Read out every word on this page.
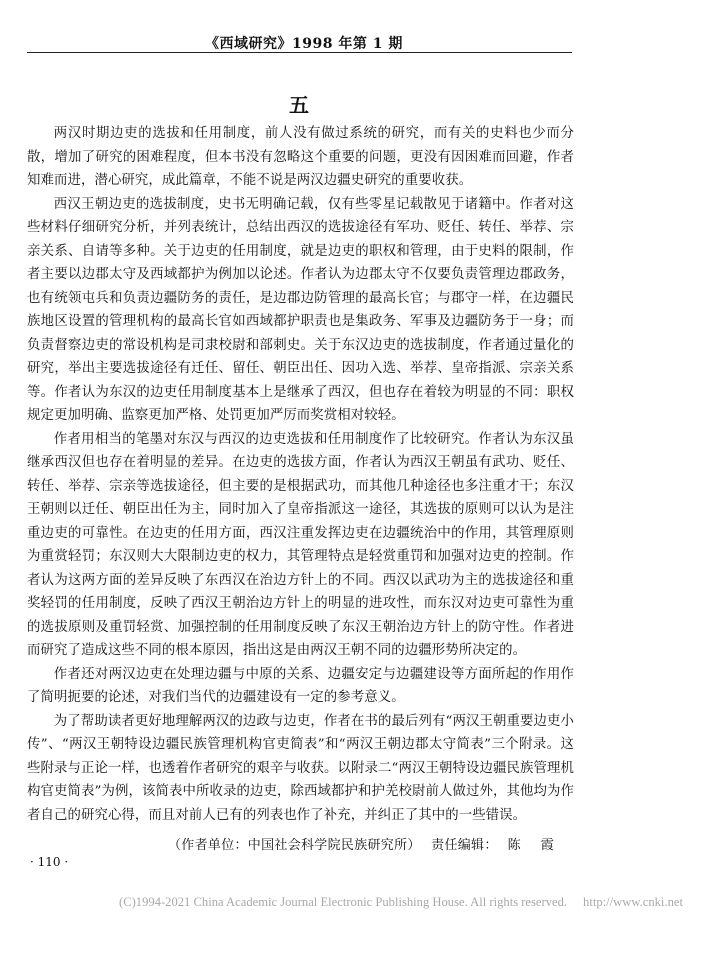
《西域研究》1998 年第 1 期
五

两汉时期边吏的选拔和任用制度，前人没有做过系统的研究，而有关的史料也少而分散，增加了研究的困难程度，但本书没有忽略这个重要的问题，更没有因困难而回避，作者知难而进，潜心研究，成此篇章，不能不说是两汉边疆史研究的重要收获。

西汉王朝边吏的选拔制度，史书无明确记载，仅有些零星记载散见于诸籍中。作者对这些材料仔细研究分析，并列表统计，总结出西汉的选拔途径有军功、贬任、转任、举荐、宗亲关系、自请等多种。关于边吏的任用制度，就是边吏的职权和管理，由于史料的限制，作者主要以边郡太守及西域都护为例加以论述。作者认为边郡太守不仅要负责管理边郡政务，也有统领屯兵和负责边疆防务的责任，是边郡边防管理的最高长官；与郡守一样，在边疆民族地区设置的管理机构的最高长官如西域都护职责也是集政务、军事及边疆防务于一身；而负责督察边吏的常设机构是司隶校尉和部刺史。关于东汉边吏的选拔制度，作者通过量化的研究，举出主要选拔途径有迁任、留任、朝臣出任、因功入选、举荐、皇帝指派、宗亲关系等。作者认为东汉的边吏任用制度基本上是继承了西汉，但也存在着较为明显的不同：职权规定更加明确、监察更加严格、处罚更加严厉而奖赏相对较轻。

作者用相当的笔墨对东汉与西汉的边吏选拔和任用制度作了比较研究。作者认为东汉虽继承西汉但也存在着明显的差异。在边吏的选拔方面，作者认为西汉王朝虽有武功、贬任、转任、举荐、宗亲等选拔途径，但主要的是根据武功，而其他几种途径也多注重才干；东汉王朝则以迁任、朝臣出任为主，同时加入了皇帝指派这一途径，其选拔的原则可以认为是注重边吏的可靠性。在边吏的任用方面，西汉注重发挥边吏在边疆统治中的作用，其管理原则为重赏轻罚；东汉则大大限制边吏的权力，其管理特点是轻赏重罚和加强对边吏的控制。作者认为这两方面的差异反映了东西汉在治边方针上的不同。西汉以武功为主的选拔途径和重奖轻罚的任用制度，反映了西汉王朝治边方针上的明显的进攻性，而东汉对边吏可靠性为重的选拔原则及重罚轻赏、加强控制的任用制度反映了东汉王朝治边方针上的防守性。作者进而研究了造成这些不同的根本原因，指出这是由两汉王朝不同的边疆形势所决定的。

作者还对两汉边吏在处理边疆与中原的关系、边疆安定与边疆建设等方面所起的作用作了简明扼要的论述，对我们当代的边疆建设有一定的参考意义。

为了帮助读者更好地理解两汉的边政与边吏，作者在书的最后列有“两汉王朝重要边吏小传”、“两汉王朝特设边疆民族管理机构官吏简表”和“两汉王朝边郡太守简表”三个附录。这些附录与正论一样，也透着作者研究的艰辛与收获。以附录二“两汉王朝特设边疆民族管理机构官吏简表”为例，该简表中所收录的边吏，除西域都护和护羌校尉前人做过外，其他均为作者自己的研究心得，而且对前人已有的列表也作了补充，并纠正了其中的一些错误。

（作者单位：中国社会科学院民族研究所） 责任编辑： 陈 霞
· 110 ·
(C)1994-2021 China Academic Journal Electronic Publishing House. All rights reserved. http://www.cnki.net
